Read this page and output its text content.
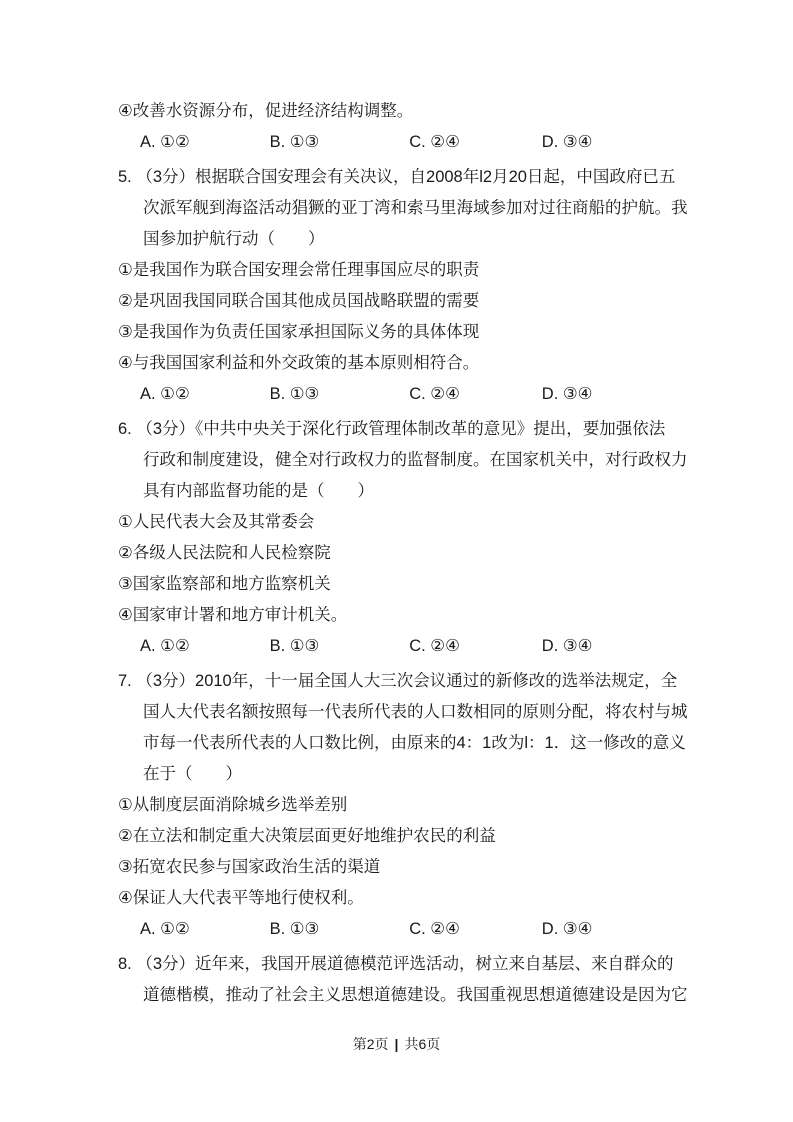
④改善水资源分布，促进经济结构调整。
A. ①②	B. ①③	C. ②④	D. ③④
5. （3分）根据联合国安理会有关决议，自2008年l2月20日起，中国政府已五
次派军舰到海盗活动猖獗的亚丁湾和索马里海域参加对过往商船的护航。我
国参加护航行动（　　）
①是我国作为联合国安理会常任理事国应尽的职责
②是巩固我国同联合国其他成员国战略联盟的需要
③是我国作为负责任国家承担国际义务的具体体现
④与我国国家利益和外交政策的基本原则相符合。
A. ①②	B. ①③	C. ②④	D. ③④
6. （3分）《中共中央关于深化行政管理体制改革的意见》提出，要加强依法
行政和制度建设，健全对行政权力的监督制度。在国家机关中，对行政权力
具有内部监督功能的是（　　）
①人民代表大会及其常委会
②各级人民法院和人民检察院
③国家监察部和地方监察机关
④国家审计署和地方审计机关。
A. ①②	B. ①③	C. ②④	D. ③④
7. （3分）2010年，十一届全国人大三次会议通过的新修改的选举法规定，全
国人大代表名额按照每一代表所代表的人口数相同的原则分配，将农村与城
市每一代表所代表的人口数比例，由原来的4：1改为l：1．这一修改的意义
在于（　　）
①从制度层面消除城乡选举差别
②在立法和制定重大决策层面更好地维护农民的利益
③拓宽农民参与国家政治生活的渠道
④保证人大代表平等地行使权利。
A. ①②	B. ①③	C. ②④	D. ③④
8. （3分）近年来，我国开展道德模范评选活动，树立来自基层、来自群众的
道德楷模，推动了社会主义思想道德建设。我国重视思想道德建设是因为它
第2页 | 共6页
